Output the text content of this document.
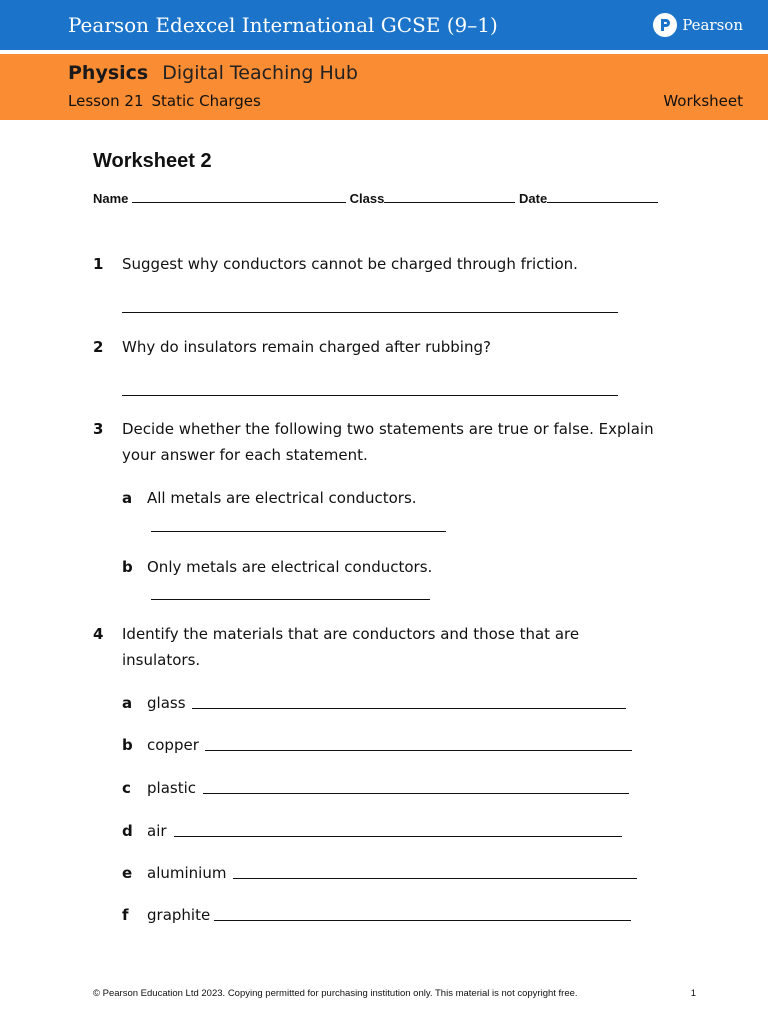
Pearson Edexcel International GCSE (9–1)	Pearson
Physics Digital Teaching Hub
Lesson 21 Static Charges	Worksheet
Worksheet 2
Name	Class	Date
1 Suggest why conductors cannot be charged through friction.
2 Why do insulators remain charged after rubbing?
3 Decide whether the following two statements are true or false. Explain your answer for each statement.
a All metals are electrical conductors.
b Only metals are electrical conductors.
4 Identify the materials that are conductors and those that are insulators.
a glass
b copper
c plastic
d air
e aluminium
f graphite
© Pearson Education Ltd 2023. Copying permitted for purchasing institution only. This material is not copyright free.	1
